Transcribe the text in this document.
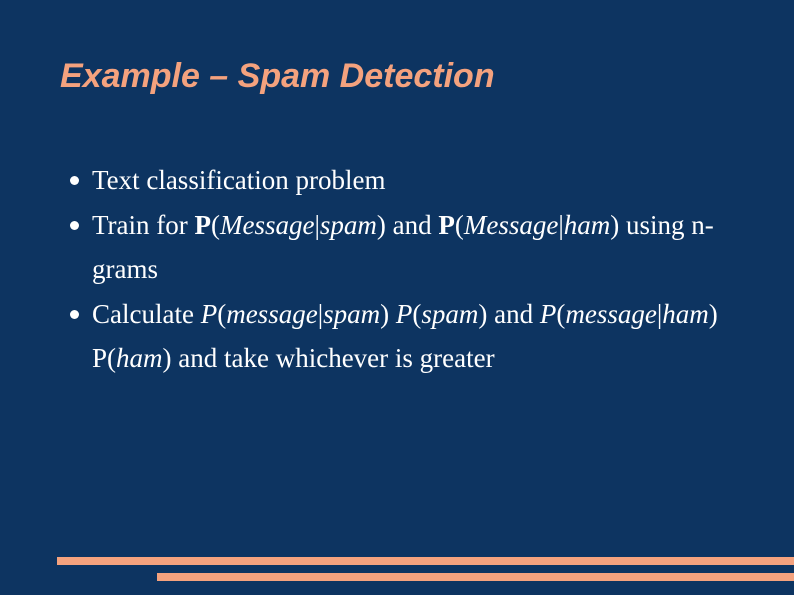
Example – Spam Detection
Text classification problem
Train for P(Message|spam) and P(Message|ham) using n-grams
Calculate P(message|spam) P(spam) and P(message|ham) P(ham) and take whichever is greater
